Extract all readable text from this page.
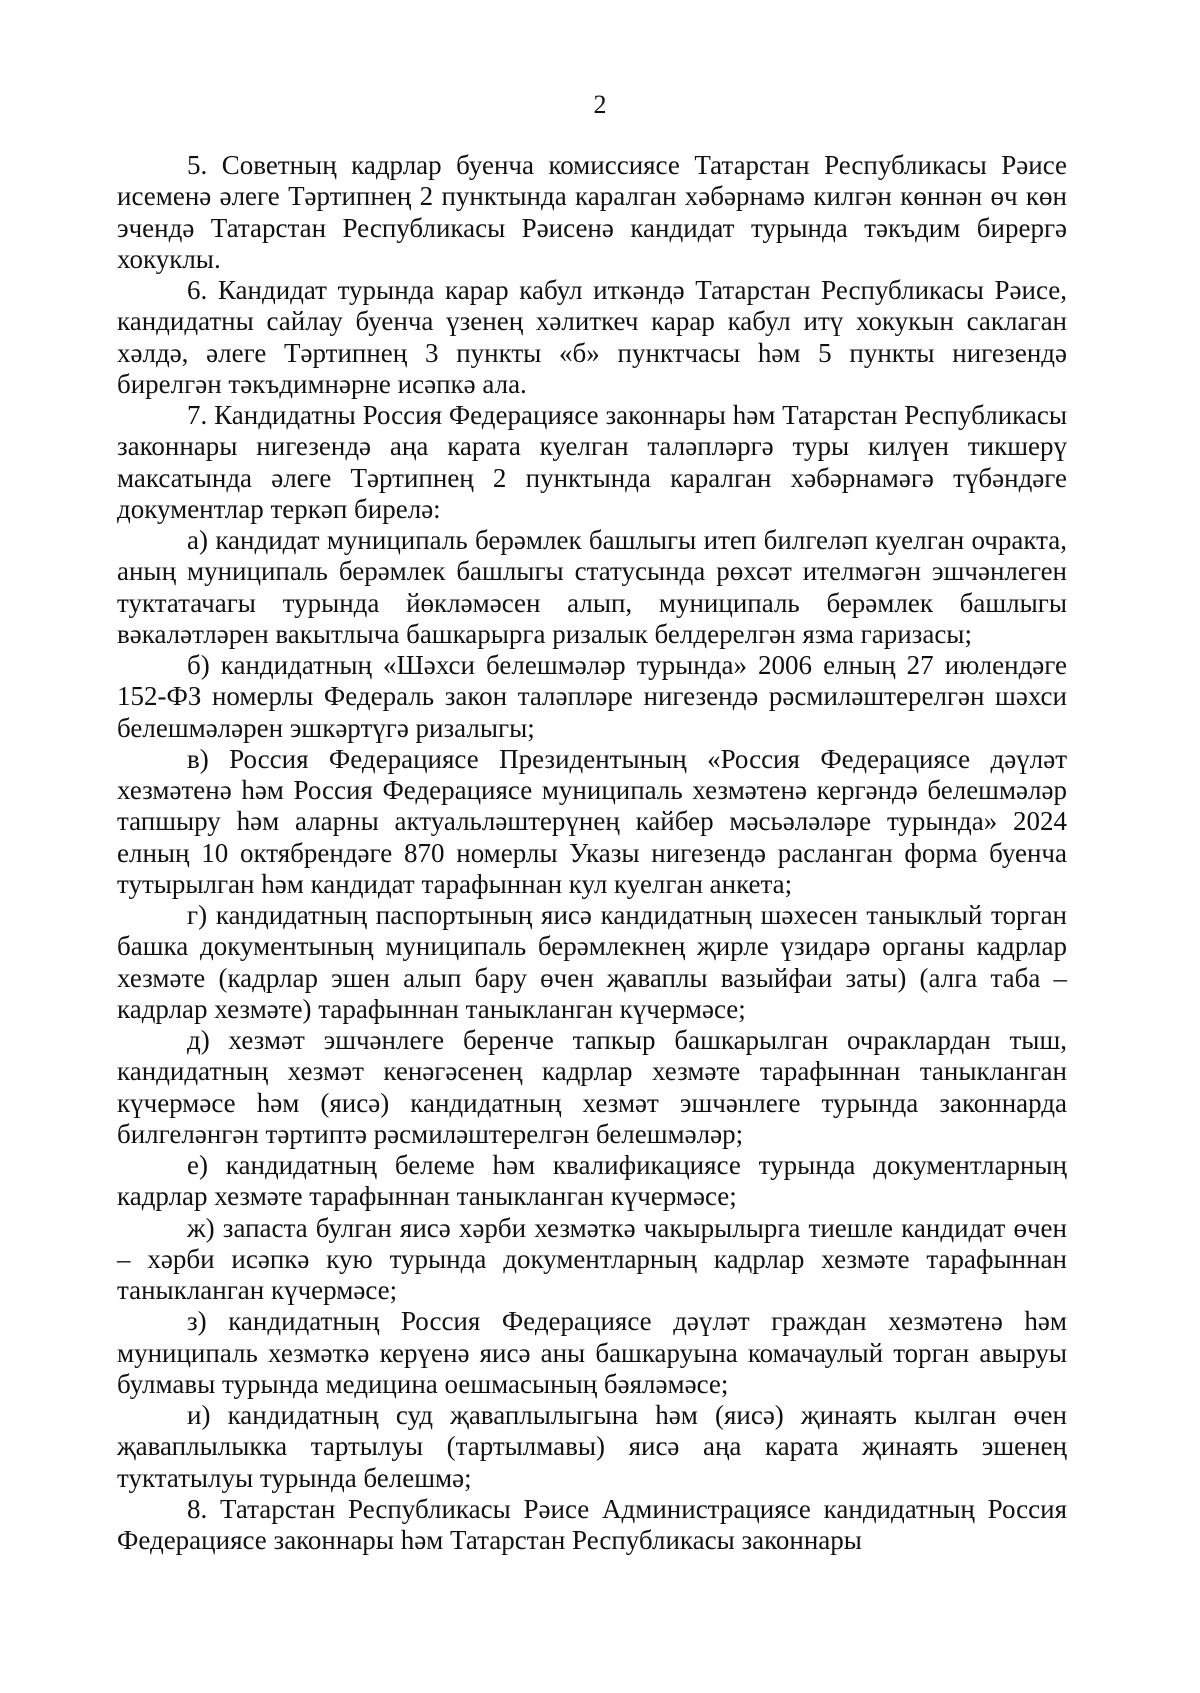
2

5. Советның кадрлар буенча комиссиясе Татарстан Республикасы Рәисе исеменә әлеге Тәртипнең 2 пунктында каралган хәбәрнамә килгән көннән өч көн эчендә Татарстан Республикасы Рәисенә кандидат турында тәкъдим бирергә хокуклы.

6. Кандидат турында карар кабул иткәндә Татарстан Республикасы Рәисе, кандидатны сайлау буенча үзенең хәлиткеч карар кабул итү хокукын саклаган хәлдә, әлеге Тәртипнең 3 пункты «б» пунктчасы һәм 5 пункты нигезендә бирелгән тәкъдимнәрне исәпкә ала.

7. Кандидатны Россия Федерациясе законнары һәм Татарстан Республикасы законнары нигезендә аңа карата куелган таләпләргә туры килүен тикшерү максатында әлеге Тәртипнең 2 пунктында каралган хәбәрнамәгә түбәндәге документлар теркәп бирелә:

а) кандидат муниципаль берәмлек башлыгы итеп билгеләп куелган очракта, аның муниципаль берәмлек башлыгы статусында рөхсәт ителмәгән эшчәнлеген туктатачагы турында йөкләмәсен алып, муниципаль берәмлек башлыгы вәкаләтләрен вакытлыча башкарырга ризалык белдерелгән язма гаризасы;

б) кандидатның «Шәхси белешмәләр турында» 2006 елның 27 июлендәге 152-ФЗ номерлы Федераль закон таләпләре нигезендә рәсмиләштерелгән шәхси белешмәләрен эшкәртүгә ризалыгы;

в) Россия Федерациясе Президентының «Россия Федерациясе дәүләт хезмәтенә һәм Россия Федерациясе муниципаль хезмәтенә кергәндә белешмәләр тапшыру һәм аларны актуальләштерүнең кайбер мәсьәләләре турында» 2024 елның 10 октябрендәге 870 номерлы Указы нигезендә расланган форма буенча тутырылган һәм кандидат тарафыннан кул куелган анкета;

г) кандидатның паспортының яисә кандидатның шәхесен таныклый торган башка документының муниципаль берәмлекнең җирле үзидарә органы кадрлар хезмәте (кадрлар эшен алып бару өчен җаваплы вазыйфаи заты) (алга таба – кадрлар хезмәте) тарафыннан таныкланган күчермәсе;

д) хезмәт эшчәнлеге беренче тапкыр башкарылган очраклардан тыш, кандидатның хезмәт кенәгәсенең кадрлар хезмәте тарафыннан таныкланган күчермәсе һәм (яисә) кандидатның хезмәт эшчәнлеге турында законнарда билгеләнгән тәртиптә рәсмиләштерелгән белешмәләр;

е) кандидатның белеме һәм квалификациясе турында документларның кадрлар хезмәте тарафыннан таныкланган күчермәсе;

ж) запаста булган яисә хәрби хезмәткә чакырылырга тиешле кандидат өчен – хәрби исәпкә кую турында документларның кадрлар хезмәте тарафыннан таныкланган күчермәсе;

з) кандидатның Россия Федерациясе дәүләт граждан хезмәтенә һәм муниципаль хезмәткә керүенә яисә аны башкаруына комачаулый торган авыруы булмавы турында медицина оешмасының бәяләмәсе;

и) кандидатның суд җаваплылыгына һәм (яисә) җинаять кылган өчен җаваплылыкка тартылуы (тартылмавы) яисә аңа карата җинаять эшенең туктатылуы турында белешмә;

8. Татарстан Республикасы Рәисе Администрациясе кандидатның Россия Федерациясе законнары һәм Татарстан Республикасы законнары
